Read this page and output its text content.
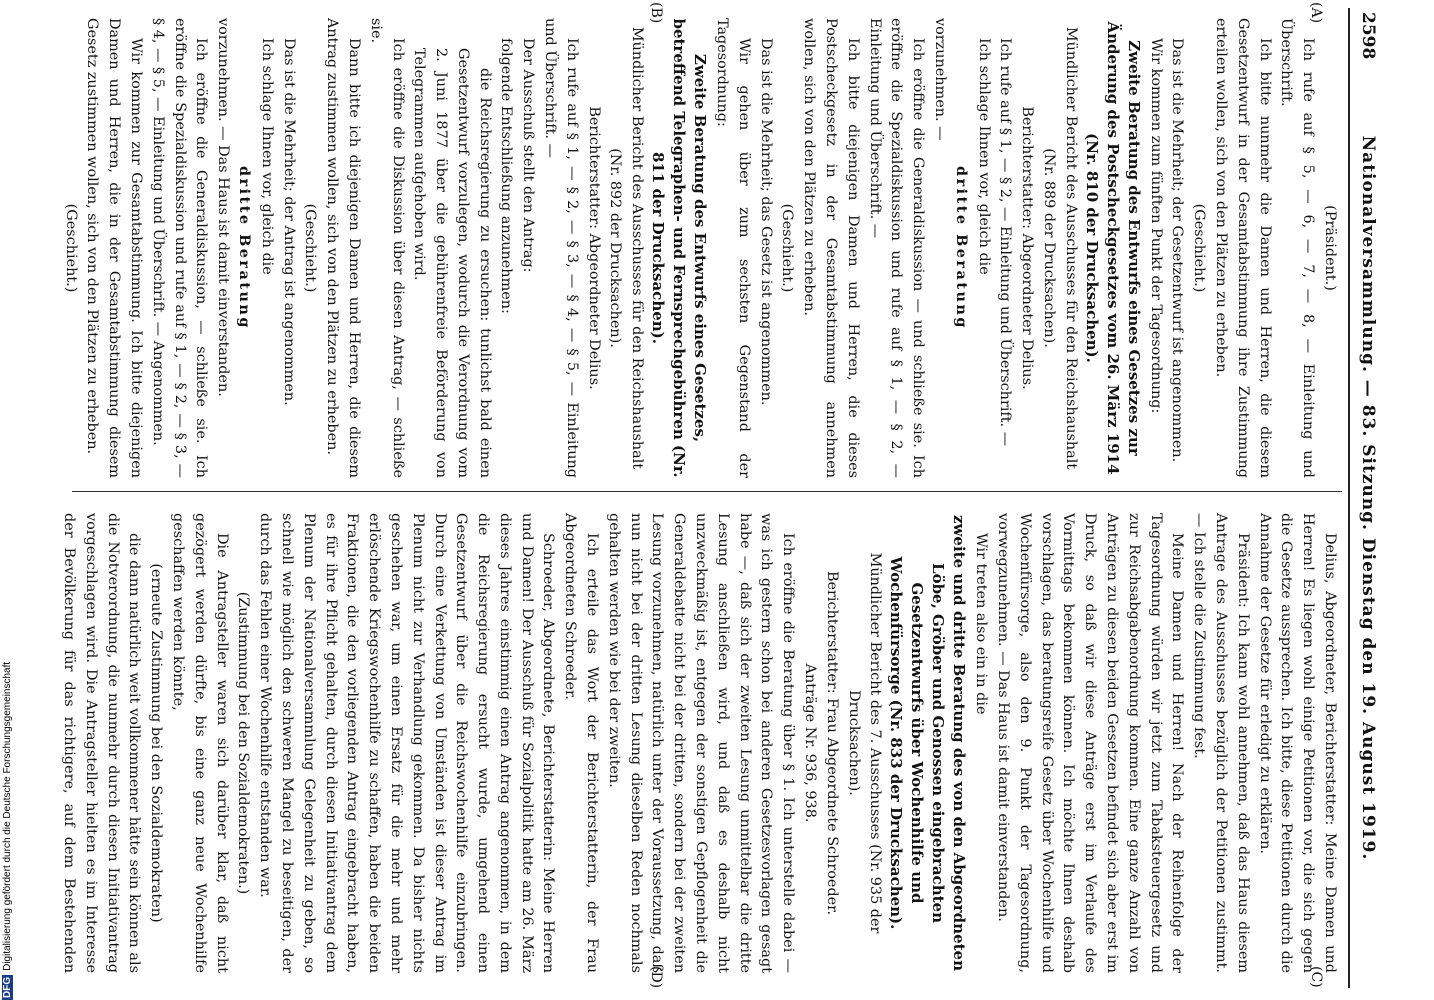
2598
Nationalversammlung. — 83. Sitzung. Dienstag den 19. August 1919.
(A)
(B)
(C)
(D)

(Präsident.)

Ich rufe auf § 5, — 6, — 7, — 8, — Einleitung und Überschrift.

Ich bitte nunmehr die Damen und Herren, die diesem Gesetzentwurf in der Gesamtabstimmung ihre Zustimmung erteilen wollen, sich von den Plätzen zu erheben.

(Geschieht.)

Das ist die Mehrheit; der Gesetzentwurf ist angenommen.

Wir kommen zum fünften Punkt der Tagesordnung:

Zweite Beratung des Entwurfs eines Gesetzes zur Änderung des Postscheckgesetzes vom 26. März 1914 (Nr. 810 der Drucksachen).

Mündlicher Bericht des Ausschusses für den Reichshaushalt (Nr. 889 der Drucksachen).

Berichterstatter: Abgeordneter Delius.

Ich rufe auf § 1, — § 2, — Einleitung und Überschrift. —

Ich schlage Ihnen vor, gleich die

dritte Beratung

vorzunehmen. —

Ich eröffne die Generaldiskussion — und schließe sie. Ich eröffne die Spezialdiskussion und rufe auf § 1, — § 2, — Einleitung und Überschrift. —

Ich bitte diejenigen Damen und Herren, die dieses Postscheckgesetz in der Gesamtabstimmung annehmen wollen, sich von den Plätzen zu erheben.

(Geschieht.)

Das ist die Mehrheit; das Gesetz ist angenommen.

Wir gehen über zum sechsten Gegenstand der Tagesordnung:

Zweite Beratung des Entwurfs eines Gesetzes, betreffend Telegraphen- und Fernsprechgebühren (Nr. 811 der Drucksachen).

Mündlicher Bericht des Ausschusses für den Reichshaushalt (Nr. 892 der Drucksachen).

Berichterstatter: Abgeordneter Delius.

Ich rufe auf § 1, — § 2, — § 3, — § 4, — § 5, — Einleitung und Überschrift. —

Der Ausschuß stellt den Antrag:

folgende Entschließung anzunehmen:

die Reichsregierung zu ersuchen: tunlichst bald einen Gesetzentwurf vorzulegen, wodurch die Verordnung vom 2. Juni 1877 über die gebührenfreie Beförderung von Telegrammen aufgehoben wird.

Ich eröffne die Diskussion über diesen Antrag, — schließe sie.

Dann bitte ich diejenigen Damen und Herren, die diesem Antrag zustimmen wollen, sich von den Plätzen zu erheben.

(Geschieht.)

Das ist die Mehrheit; der Antrag ist angenommen.

Ich schlage Ihnen vor, gleich die

dritte Beratung

vorzunehmen. — Das Haus ist damit einverstanden.

Ich eröffne die Generaldiskussion, — schließe sie. Ich eröffne die Spezialdiskussion und rufe auf § 1, — § 2, — § 3, — § 4, — § 5, — Einleitung und Überschrift. — Angenommen.

Wir kommen zur Gesamtabstimmung. Ich bitte diejenigen Damen und Herren, die in der Gesamtabstimmung diesem Gesetz zustimmen wollen, sich von den Plätzen zu erheben.

(Geschieht.)

Delius, Abgeordneter, Berichterstatter: Meine Damen und Herren! Es liegen wohl einige Petitionen vor, die sich gegen die Gesetze aussprechen. Ich bitte, diese Petitionen durch die Annahme der Gesetze für erledigt zu erklären.

Präsident: Ich kann wohl annehmen, daß das Haus diesem Antrage des Ausschusses bezüglich der Petitionen zustimmt. — Ich stelle die Zustimmung fest.

Meine Damen und Herren! Nach der Reihenfolge der Tagesordnung würden wir jetzt zum Tabaksteuergesetz und zur Reichsabgabenordnung kommen. Eine ganze Anzahl von Anträgen zu diesen beiden Gesetzen befindet sich aber erst im Druck, so daß wir diese Anträge erst im Verlaufe des Vormittags bekommen können. Ich möchte Ihnen deshalb vorschlagen, das beratungsreife Gesetz über Wochenhilfe und Wochenfürsorge, also den 9. Punkt der Tagesordnung, vorwegzunehmen. — Das Haus ist damit einverstanden.

Wir treten also ein in die

zweite und dritte Beratung des von den Abgeordneten Löbe, Gröber und Genossen eingebrachten Gesetzentwurfs über Wochenhilfe und Wochenfürsorge (Nr. 833 der Drucksachen).

Mündlicher Bericht des 7. Ausschusses (Nr. 935 der Drucksachen).

Berichterstatter: Frau Abgeordnete Schroeder.

Anträge Nr. 936, 938.

Ich eröffne die Beratung über § 1. Ich unterstelle dabei — was ich gestern schon bei anderen Gesetzesvorlagen gesagt habe —, daß sich der zweiten Lesung unmittelbar die dritte Lesung anschließen wird, und daß es deshalb nicht unzweckmäßig ist, entgegen der sonstigen Gepflogenheit die Generaldebatte nicht bei der dritten, sondern bei der zweiten Lesung vorzunehmen, natürlich unter der Voraussetzung, daß nun nicht bei der dritten Lesung dieselben Reden nochmals gehalten werden wie bei der zweiten.

Ich erteile das Wort der Berichterstatterin, der Frau Abgeordneten Schroeder.

Schroeder, Abgeordnete, Berichterstatterin: Meine Herren und Damen! Der Ausschuß für Sozialpolitik hatte am 26. März dieses Jahres einstimmig einen Antrag angenommen, in dem die Reichsregierung ersucht wurde, umgehend einen Gesetzentwurf über die Reichswochenhilfe einzubringen. Durch eine Verkettung von Umständen ist dieser Antrag im Plenum nicht zur Verhandlung gekommen. Da bisher nichts geschehen war, um einen Ersatz für die mehr und mehr erlöschende Kriegswochenhilfe zu schaffen, haben die beiden Fraktionen, die den vorliegenden Antrag eingebracht haben, es für ihre Pflicht gehalten, durch diesen Initiativantrag dem Plenum der Nationalversammlung Gelegenheit zu geben, so schnell wie möglich den schweren Mangel zu beseitigen, der durch das Fehlen einer Wochenhilfe entstanden war.

(Zustimmung bei den Sozialdemokraten.)

Die Antragsteller waren sich darüber klar, daß nicht gezögert werden dürfte, bis eine ganz neue Wochenhilfe geschaffen werden könnte,

(erneute Zustimmung bei den Sozialdemokraten)

die dann natürlich weit vollkommener hätte sein können als die Notverordnung, die nunmehr durch diesen Initiativantrag vorgeschlagen wird. Die Antragsteller hielten es im Interesse der Bevölkerung für das richtigere, auf dem Bestehenden

DFGDigitalisierung gefördert durch die Deutsche Forschungsgemeinschaft
